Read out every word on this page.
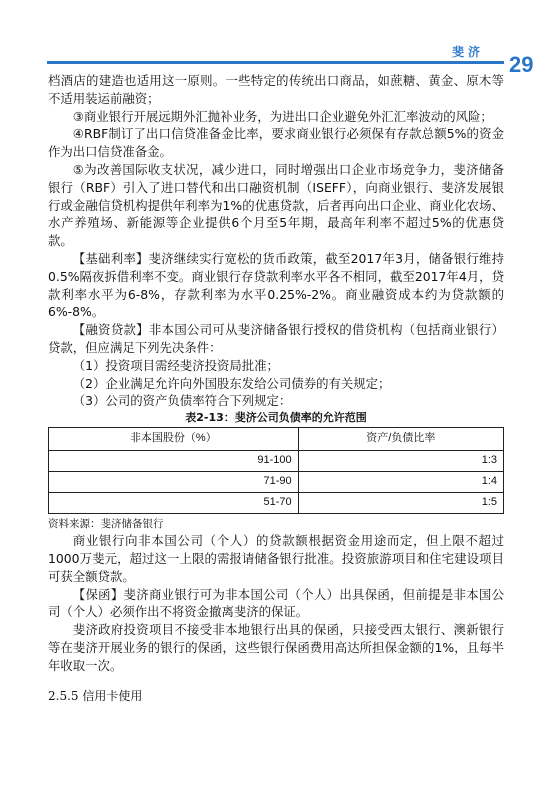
斐济 29

档酒店的建造也适用这一原则。一些特定的传统出口商品，如蔗糖、黄金、原木等不适用装运前融资；

③商业银行开展远期外汇抛补业务，为进出口企业避免外汇汇率波动的风险；

④RBF制订了出口信贷准备金比率，要求商业银行必须保有存款总额5%的资金作为出口信贷准备金。

⑤为改善国际收支状况，减少进口，同时增强出口企业市场竞争力，斐济储备银行（RBF）引入了进口替代和出口融资机制（ISEFF），向商业银行、斐济发展银行或金融信贷机构提供年利率为1%的优惠贷款，后者再向出口企业、商业化农场、水产养殖场、新能源等企业提供6个月至5年期，最高年利率不超过5%的优惠贷款。

【基础利率】斐济继续实行宽松的货币政策，截至2017年3月，储备银行维持0.5%隔夜拆借利率不变。商业银行存贷款利率水平各不相同，截至2017年4月，贷款利率水平为6-8%，存款利率为水平0.25%-2%。商业融资成本约为贷款额的6%-8%。

【融资贷款】非本国公司可从斐济储备银行授权的借贷机构（包括商业银行）贷款，但应满足下列先决条件：

（1）投资项目需经斐济投资局批准；

（2）企业满足允许向外国股东发给公司债券的有关规定；

（3）公司的资产负债率符合下列规定：

表2-13：斐济公司负债率的允许范围
非本国股份（%）	资产/负债比率
91-100	1:3
71-90	1:4
51-70	1:5
资料来源：斐济储备银行

商业银行向非本国公司（个人）的贷款额根据资金用途而定，但上限不超过1000万斐元，超过这一上限的需报请储备银行批准。投资旅游项目和住宅建设项目可获全额贷款。

【保函】斐济商业银行可为非本国公司（个人）出具保函，但前提是非本国公司（个人）必须作出不将资金撤离斐济的保证。

斐济政府投资项目不接受非本地银行出具的保函，只接受西太银行、澳新银行等在斐济开展业务的银行的保函，这些银行保函费用高达所担保金额的1%，且每半年收取一次。

2.5.5 信用卡使用
